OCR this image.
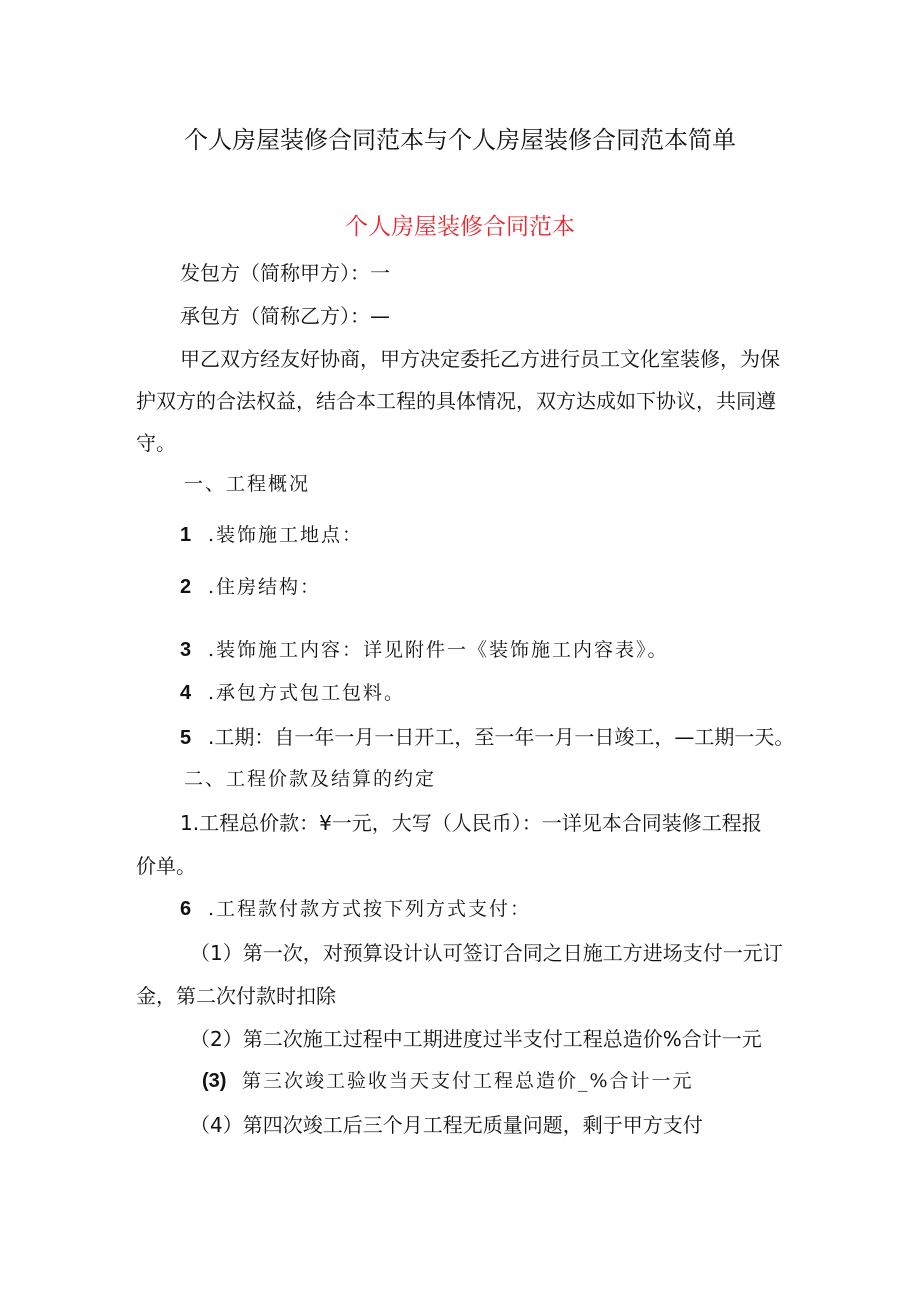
个人房屋装修合同范本与个人房屋装修合同范本简单
个人房屋装修合同范本
发包方（简称甲方）：一
承包方（简称乙方）：—
甲乙双方经友好协商，甲方决定委托乙方进行员工文化室装修，为保
护双方的合法权益，结合本工程的具体情况，双方达成如下协议，共同遵
守。
一、工程概况
1 .装饰施工地点：
2 .住房结构：
3 .装饰施工内容：详见附件一《装饰施工内容表》。
4 .承包方式包工包料。
5 .工期：自一年一月一日开工，至一年一月一日竣工，—工期一天。
二、工程价款及结算的约定
1.工程总价款：¥一元，大写（人民币）：一详见本合同装修工程报
价单。
6 .工程款付款方式按下列方式支付：
（1）第一次，对预算设计认可签订合同之日施工方进场支付一元订
金，第二次付款时扣除
（2）第二次施工过程中工期进度过半支付工程总造价%合计一元
(3) 第三次竣工验收当天支付工程总造价_%合计一元
（4）第四次竣工后三个月工程无质量问题，剩于甲方支付
